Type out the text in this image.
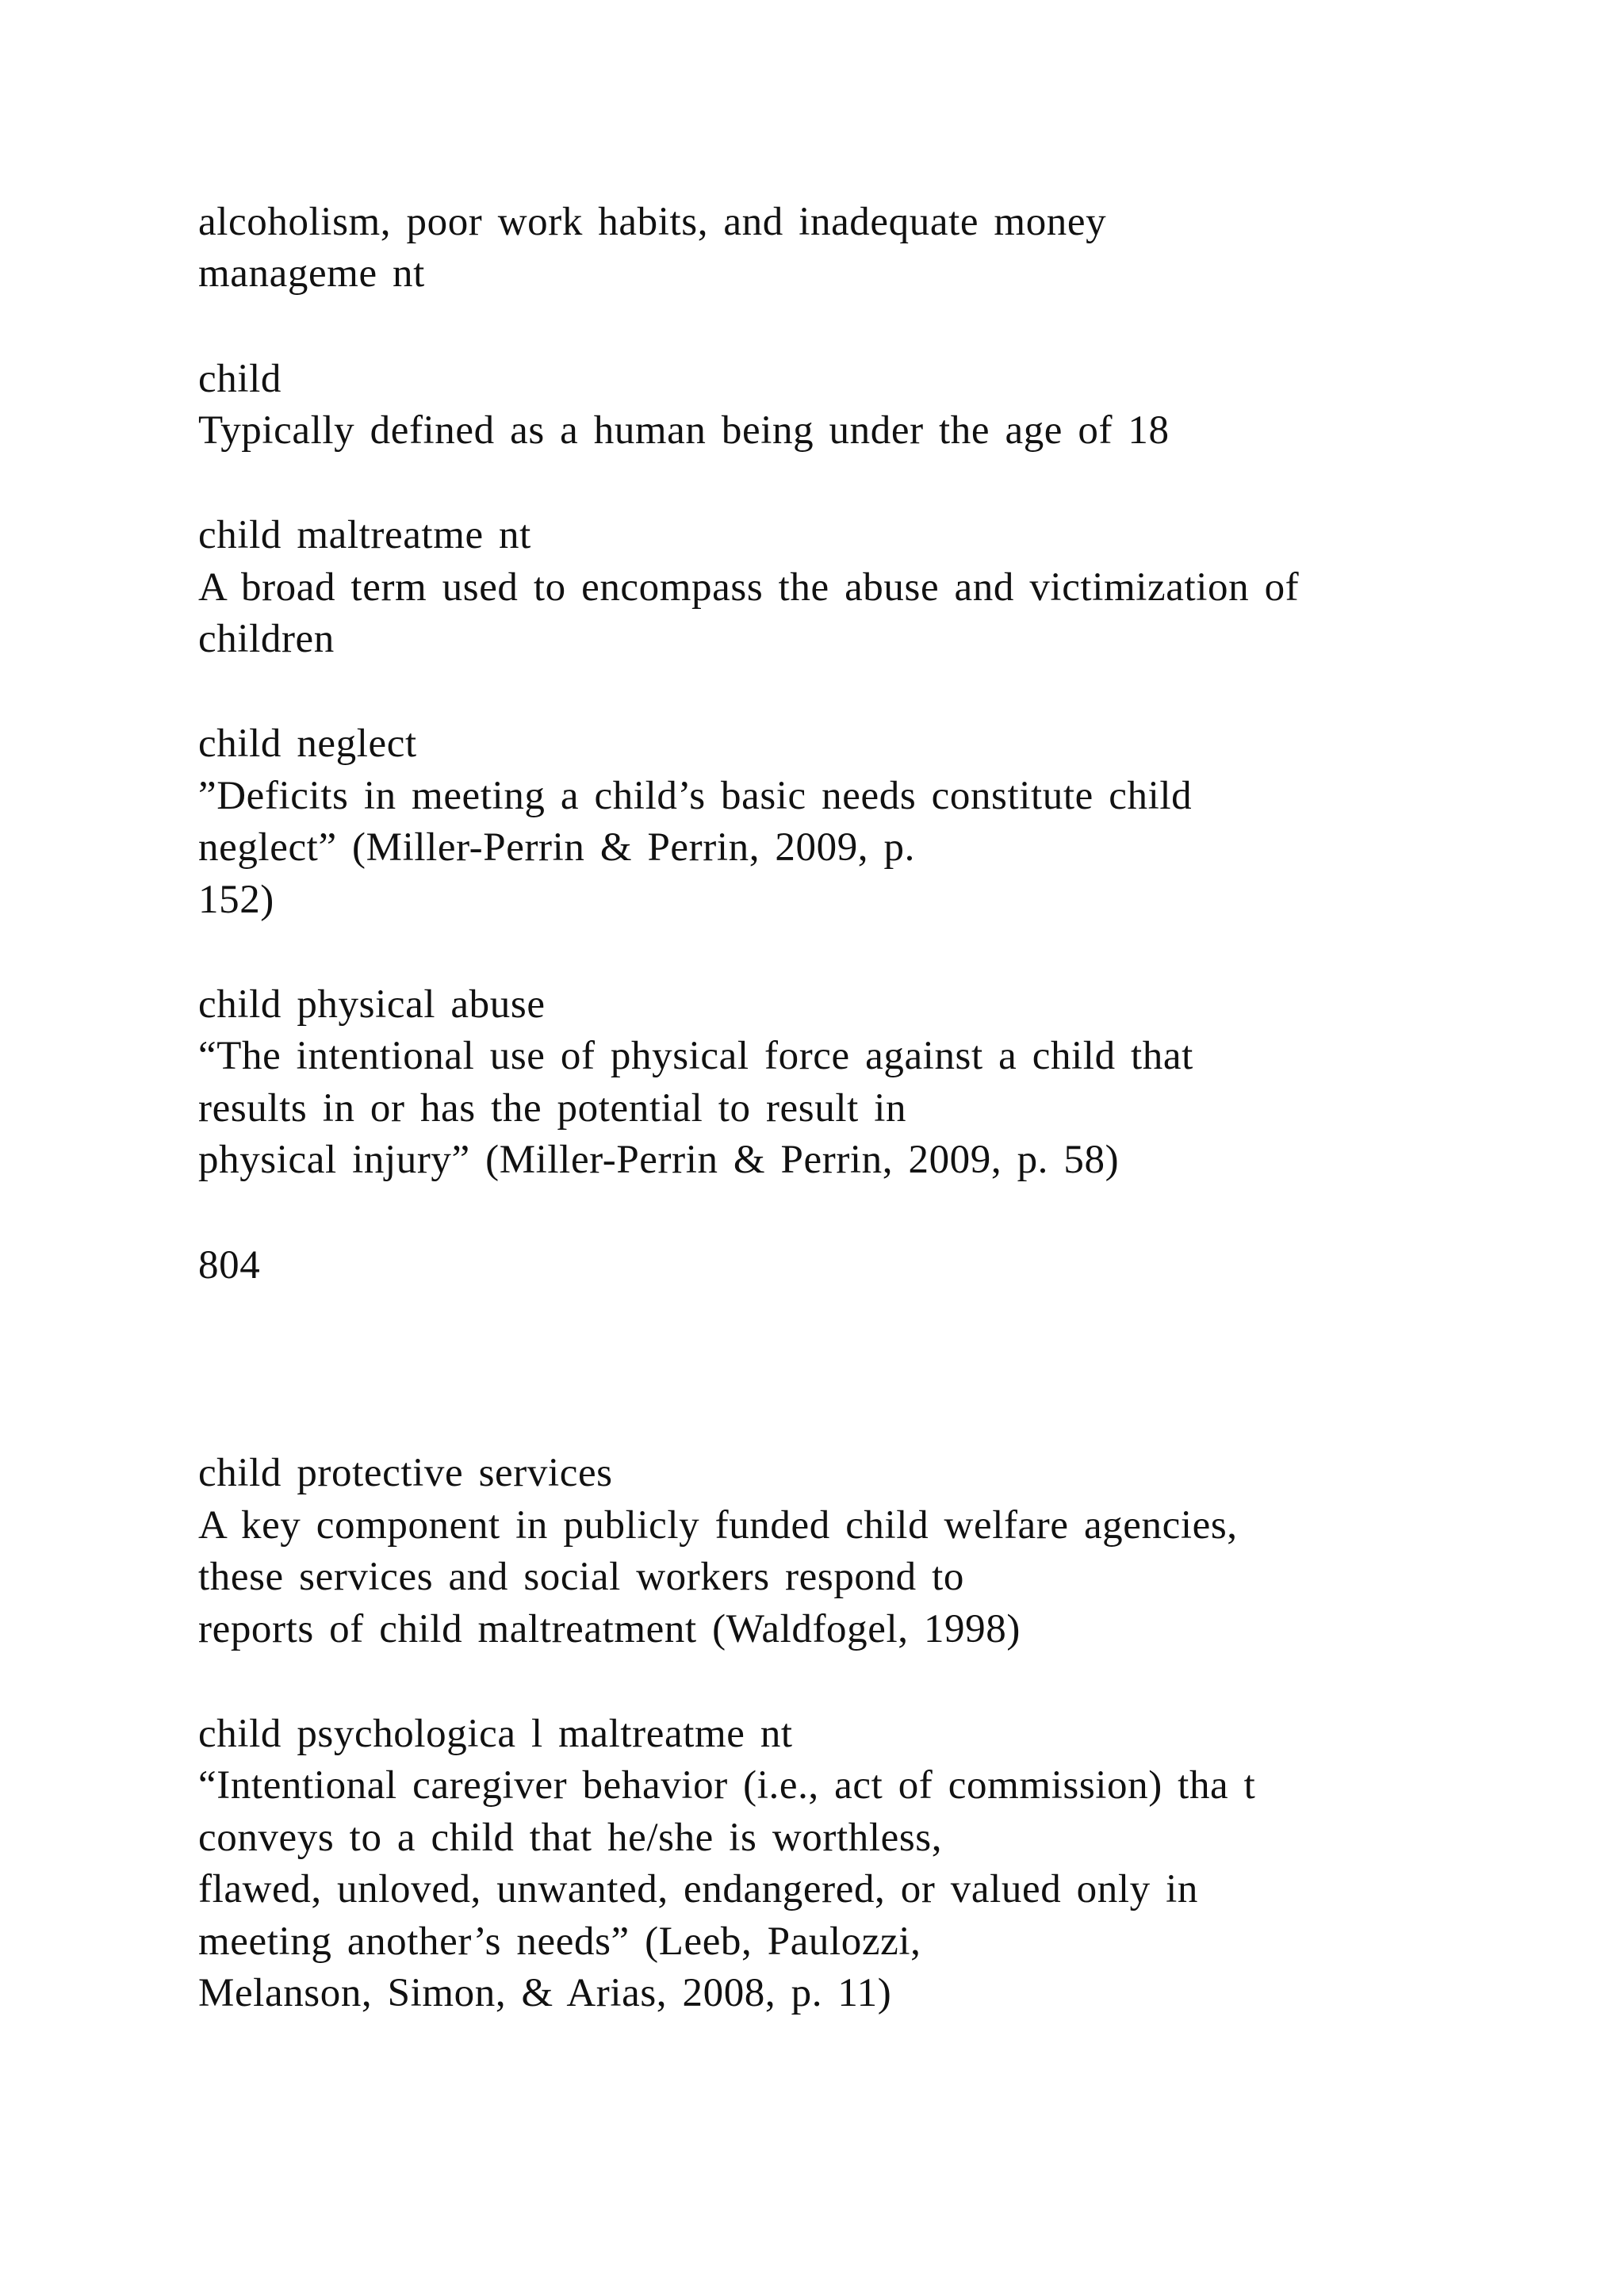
alcoholism, poor work habits, and inadequate money
manageme nt
child
Typically defined as a human being under the age of 18
child maltreatme nt
A broad term used to encompass the abuse and victimization of
children
child neglect
”Deficits in meeting a child’s basic needs constitute child
neglect” (Miller-Perrin & Perrin, 2009, p.
152)
child physical abuse
“The intentional use of physical force against a child that
results in or has the potential to result in
physical injury” (Miller-Perrin & Perrin, 2009, p. 58)
804
child protective services
A key component in publicly funded child welfare agencies,
these services and social workers respond to
reports of child maltreatment (Waldfogel, 1998)
child psychologica l maltreatme nt
“Intentional caregiver behavior (i.e., act of commission) tha t
conveys to a child that he/she is worthless,
flawed, unloved, unwanted, endangered, or valued only in
meeting another’s needs” (Leeb, Paulozzi,
Melanson, Simon, & Arias, 2008, p. 11)
